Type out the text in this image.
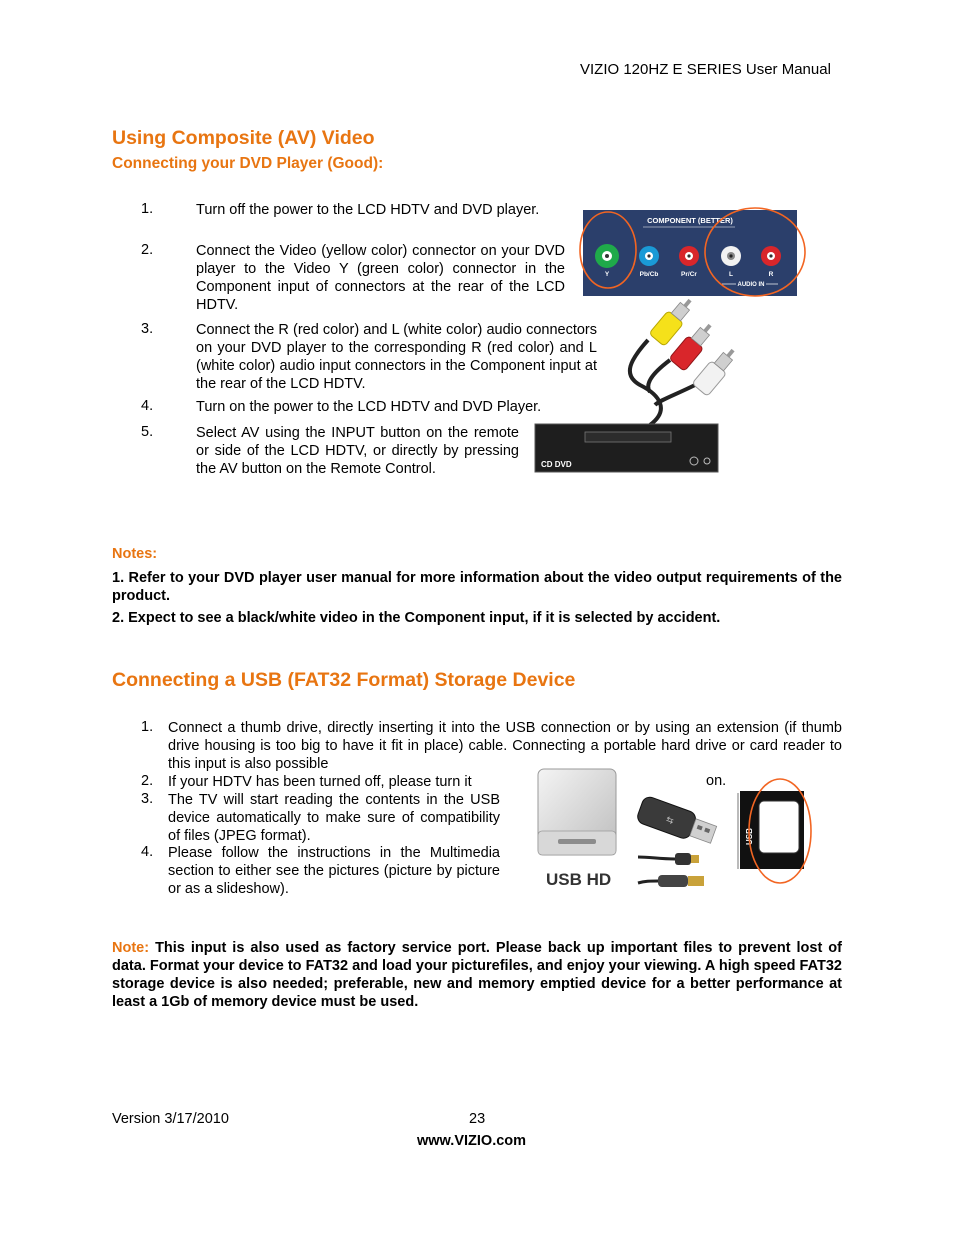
VIZIO 120HZ E SERIES User Manual
Using Composite (AV) Video
Connecting your DVD Player (Good):
1.	Turn off the power to the LCD HDTV and DVD player.
2.	Connect the Video (yellow color) connector on your DVD player to the Video Y (green color) connector in the Component input of connectors at the rear of the LCD HDTV.
3.	Connect the R (red color) and L (white color) audio connectors on your DVD player to the corresponding R (red color) and L (white color) audio input connectors in the Component input at the rear of the LCD HDTV.
4.	Turn on the power to the LCD HDTV and DVD Player.
5.	Select AV using the INPUT button on the remote or side of the LCD HDTV, or directly by pressing the AV button on the Remote Control.
COMPONENT (BETTER)
Y	Pb/Cb	Pr/Cr	L	R
AUDIO IN
CD DVD
Notes:
1. Refer to your DVD player user manual for more information about the video output requirements of the product.
2. Expect to see a black/white video in the Component input, if it is selected by accident.
Connecting a USB (FAT32 Format) Storage Device
1. Connect a thumb drive, directly inserting it into the USB connection or by using an extension (if thumb drive housing is too big to have it fit in place) cable. Connecting a portable hard drive or card reader to this input is also possible
2. If your HDTV has been turned off, please turn it	on.
3. The TV will start reading the contents in the USB device automatically to make sure of compatibility of files (JPEG format).
4. Please follow the instructions in the Multimedia section to either see the pictures (picture by picture or as a slideshow).	USB HD
⇆
USB
Note: This input is also used as factory service port. Please back up important files to prevent lost of data. Format your device to FAT32 and load your picturefiles, and enjoy your viewing. A high speed FAT32 storage device is also needed; preferable, new and memory emptied device for a better performance at least a 1Gb of memory device must be used.
Version 3/17/2010	23
www.VIZIO.com
